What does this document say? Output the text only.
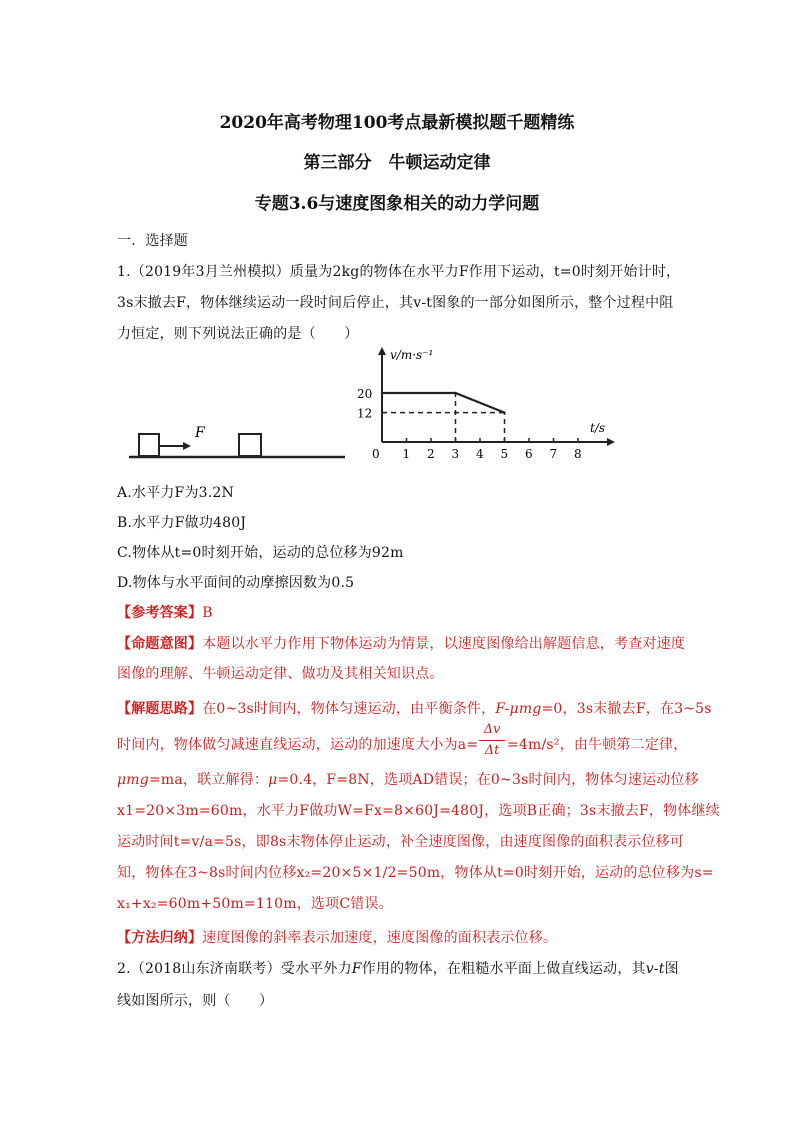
2020年高考物理100考点最新模拟题千题精练
第三部分　牛顿运动定律
专题3.6与速度图象相关的动力学问题
一．选择题
1.（2019年3月兰州模拟）质量为2kg的物体在水平力F作用下运动，t=0时刻开始计时，
3s末撤去F，物体继续运动一段时间后停止，其v-t图象的一部分如图所示，整个过程中阻
力恒定，则下列说法正确的是（　　）
F
v/m·s⁻¹
t/s
0 1 2 3 4 5 6 7 8
20
12
A.水平力F为3.2N
B.水平力F做功480J
C.物体从t=0时刻开始，运动的总位移为92m
D.物体与水平面间的动摩擦因数为0.5
【参考答案】B
【命题意图】本题以水平力作用下物体运动为情景，以速度图像给出解题信息，考查对速度
图像的理解、牛顿运动定律、做功及其相关知识点。
【解题思路】在0~3s时间内，物体匀速运动，由平衡条件，F-μmg=0，3s末撤去F，在3~5s
时间内，物体做匀减速直线运动，运动的加速度大小为a=
Δv
Δt =4m/s²，由牛顿第二定律，
μmg=ma，联立解得：μ=0.4，F=8N，选项AD错误；在0~3s时间内，物体匀速运动位移
x1=20×3m=60m，水平力F做功W=Fx=8×60J=480J，选项B正确；3s末撤去F，物体继续
运动时间t=v/a=5s，即8s末物体停止运动，补全速度图像，由速度图像的面积表示位移可
知，物体在3~8s时间内位移x₂=20×5×1/2=50m，物体从t=0时刻开始，运动的总位移为s=
x₁+x₂=60m+50m=110m，选项C错误。
【方法归纳】速度图像的斜率表示加速度，速度图像的面积表示位移。
2.（2018山东济南联考）受水平外力F作用的物体，在粗糙水平面上做直线运动，其v-t图
线如图所示，则（　　）
